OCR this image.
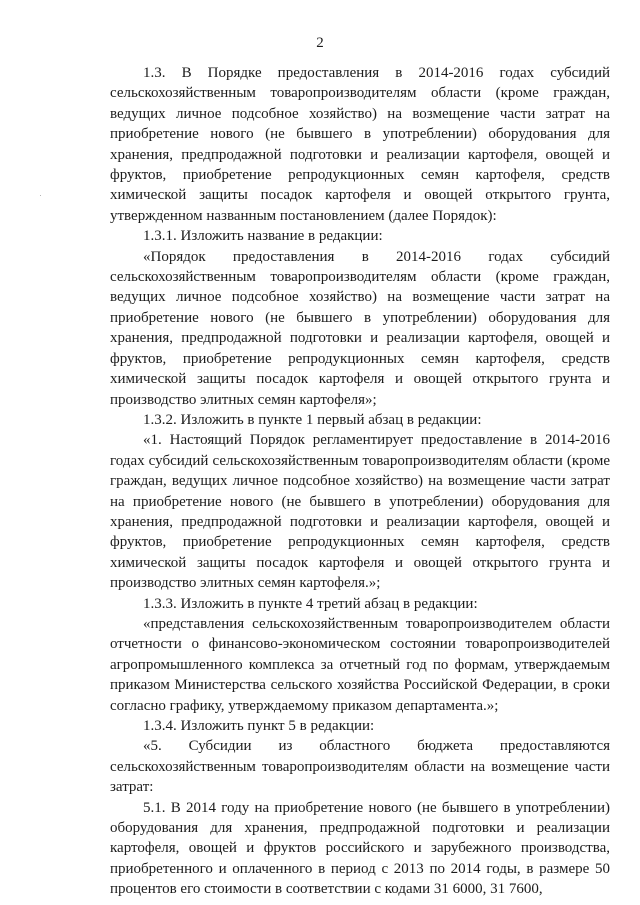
2

1.3. В Порядке предоставления в 2014-2016 годах субсидий сельскохозяйственным товаропроизводителям области (кроме граждан, ведущих личное подсобное хозяйство) на возмещение части затрат на приобретение нового (не бывшего в употреблении) оборудования для хранения, предпродажной подготовки и реализации картофеля, овощей и фруктов, приобретение репродукционных семян картофеля, средств химической защиты посадок картофеля и овощей открытого грунта, утвержденном названным постановлением (далее Порядок):

1.3.1. Изложить название в редакции:

«Порядок предоставления в 2014-2016 годах субсидий сельскохозяйственным товаропроизводителям области (кроме граждан, ведущих личное подсобное хозяйство) на возмещение части затрат на приобретение нового (не бывшего в употреблении) оборудования для хранения, предпродажной подготовки и реализации картофеля, овощей и фруктов, приобретение репродукционных семян картофеля, средств химической защиты посадок картофеля и овощей открытого грунта и производство элитных семян картофеля»;

1.3.2. Изложить в пункте 1 первый абзац в редакции:

«1. Настоящий Порядок регламентирует предоставление в 2014-2016 годах субсидий сельскохозяйственным товаропроизводителям области (кроме граждан, ведущих личное подсобное хозяйство) на возмещение части затрат на приобретение нового (не бывшего в употреблении) оборудования для хранения, предпродажной подготовки и реализации картофеля, овощей и фруктов, приобретение репродукционных семян картофеля, средств химической защиты посадок картофеля и овощей открытого грунта и производство элитных семян картофеля.»;

1.3.3. Изложить в пункте 4 третий абзац в редакции:

«представления сельскохозяйственным товаропроизводителем области отчетности о финансово-экономическом состоянии товаропроизводителей агропромышленного комплекса за отчетный год по формам, утверждаемым приказом Министерства сельского хозяйства Российской Федерации, в сроки согласно графику, утверждаемому приказом департамента.»;

1.3.4. Изложить пункт 5 в редакции:

«5. Субсидии из областного бюджета предоставляются сельскохозяйственным товаропроизводителям области на возмещение части затрат:

5.1. В 2014 году на приобретение нового (не бывшего в употреблении) оборудования для хранения, предпродажной подготовки и реализации картофеля, овощей и фруктов российского и зарубежного производства, приобретенного и оплаченного в период с 2013 по 2014 годы, в размере 50 процентов его стоимости в соответствии с кодами 31 6000, 31 7600,
